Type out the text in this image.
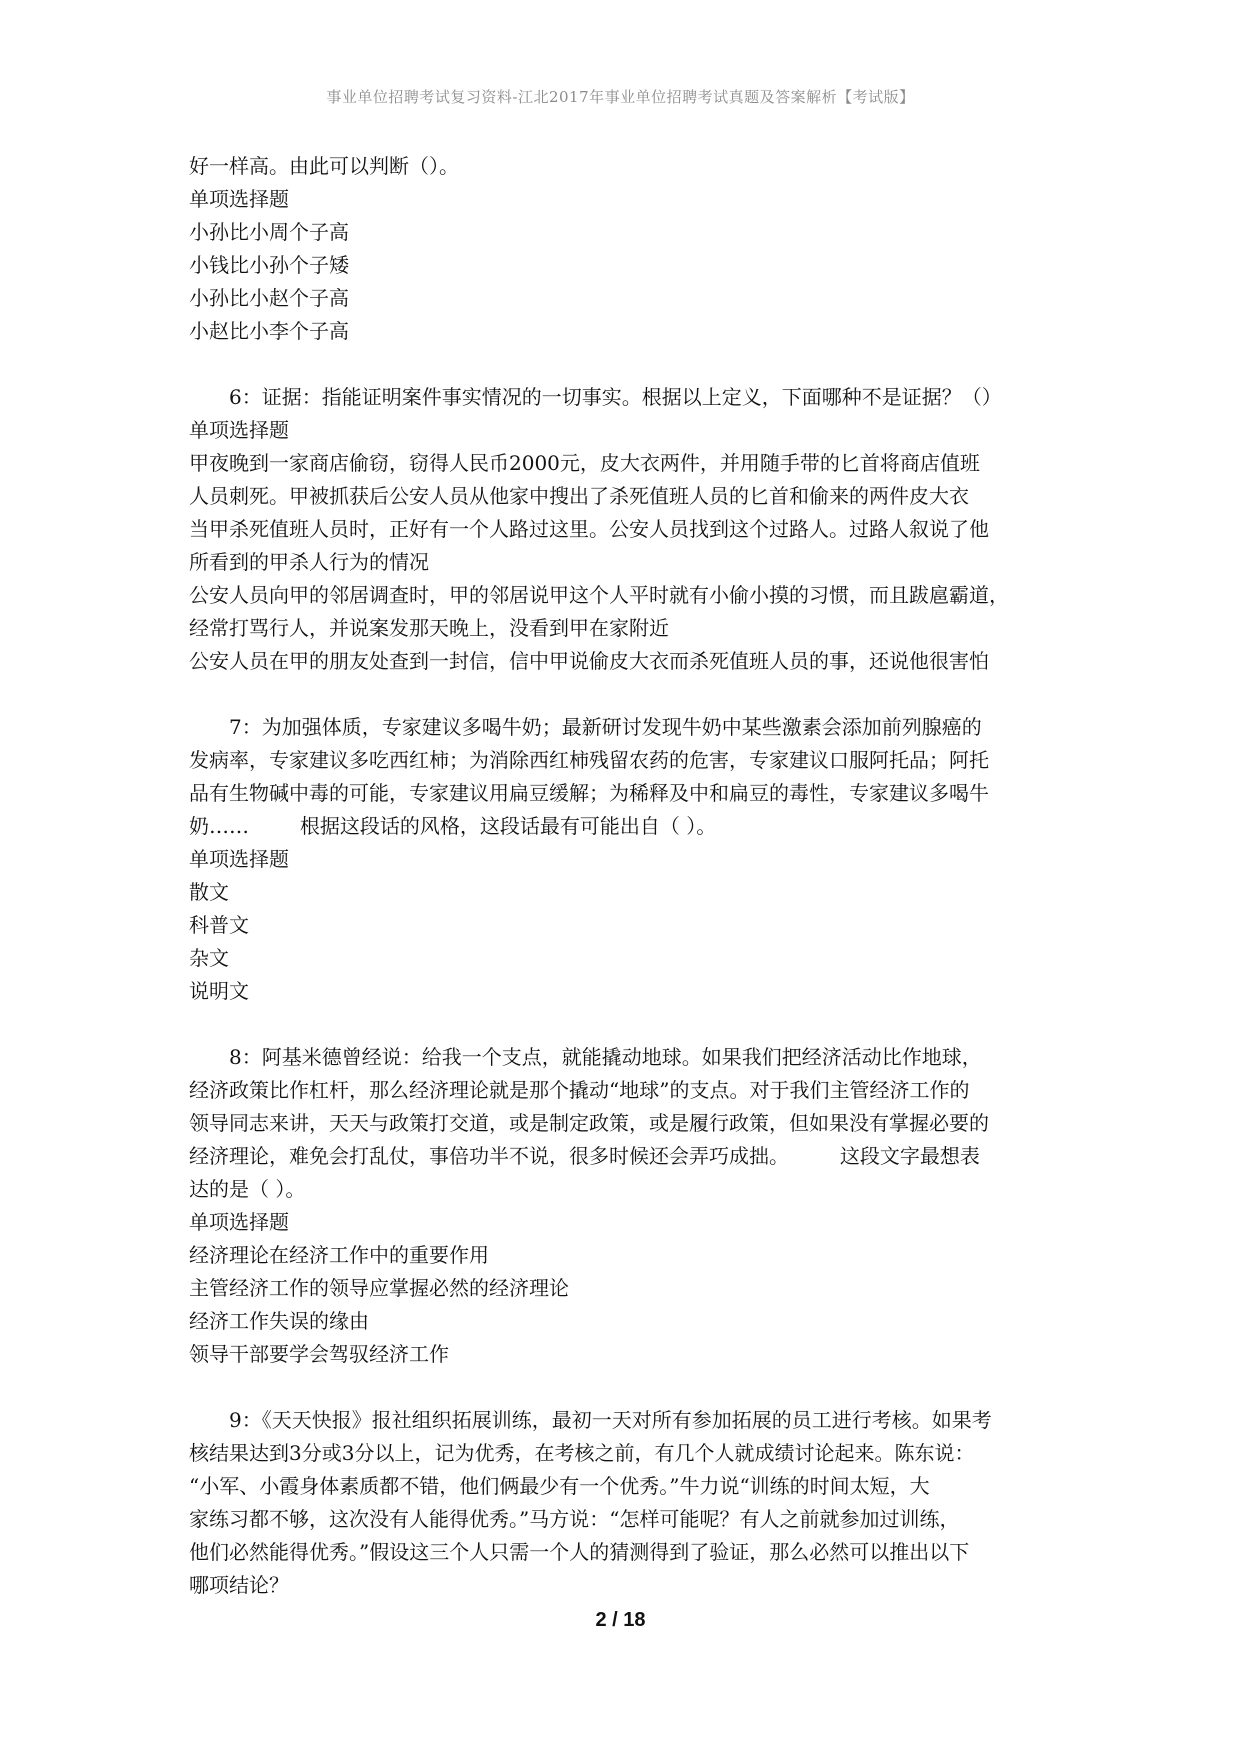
事业单位招聘考试复习资料-江北2017年事业单位招聘考试真题及答案解析【考试版】
好一样高。由此可以判断（）。
单项选择题
小孙比小周个子高
小钱比小孙个子矮
小孙比小赵个子高
小赵比小李个子高
6：证据：指能证明案件事实情况的一切事实。根据以上定义，下面哪种不是证据？（）
单项选择题
甲夜晚到一家商店偷窃，窃得人民币2000元，皮大衣两件，并用随手带的匕首将商店值班
人员刺死。甲被抓获后公安人员从他家中搜出了杀死值班人员的匕首和偷来的两件皮大衣
当甲杀死值班人员时，正好有一个人路过这里。公安人员找到这个过路人。过路人叙说了他
所看到的甲杀人行为的情况
公安人员向甲的邻居调查时，甲的邻居说甲这个人平时就有小偷小摸的习惯，而且跋扈霸道，
经常打骂行人，并说案发那天晚上，没看到甲在家附近
公安人员在甲的朋友处查到一封信，信中甲说偷皮大衣而杀死值班人员的事，还说他很害怕
7：为加强体质，专家建议多喝牛奶；最新研讨发现牛奶中某些激素会添加前列腺癌的
发病率，专家建议多吃西红柿；为消除西红柿残留农药的危害，专家建议口服阿托品；阿托
品有生物碱中毒的可能，专家建议用扁豆缓解；为稀释及中和扁豆的毒性，专家建议多喝牛
奶……        根据这段话的风格，这段话最有可能出自（ ）。
单项选择题
散文
科普文
杂文
说明文
8：阿基米德曾经说：给我一个支点，就能撬动地球。如果我们把经济活动比作地球，
经济政策比作杠杆，那么经济理论就是那个撬动“地球”的支点。对于我们主管经济工作的
领导同志来讲，天天与政策打交道，或是制定政策，或是履行政策，但如果没有掌握必要的
经济理论，难免会打乱仗，事倍功半不说，很多时候还会弄巧成拙。        这段文字最想表
达的是（ ）。
单项选择题
经济理论在经济工作中的重要作用
主管经济工作的领导应掌握必然的经济理论
经济工作失误的缘由
领导干部要学会驾驭经济工作
9：《天天快报》报社组织拓展训练，最初一天对所有参加拓展的员工进行考核。如果考
核结果达到3分或3分以上，记为优秀，在考核之前，有几个人就成绩讨论起来。陈东说：
“小军、小霞身体素质都不错，他们俩最少有一个优秀。”牛力说“训练的时间太短，大
家练习都不够，这次没有人能得优秀。”马方说：“怎样可能呢？有人之前就参加过训练，
他们必然能得优秀。”假设这三个人只需一个人的猜测得到了验证，那么必然可以推出以下
哪项结论？
2 / 18
